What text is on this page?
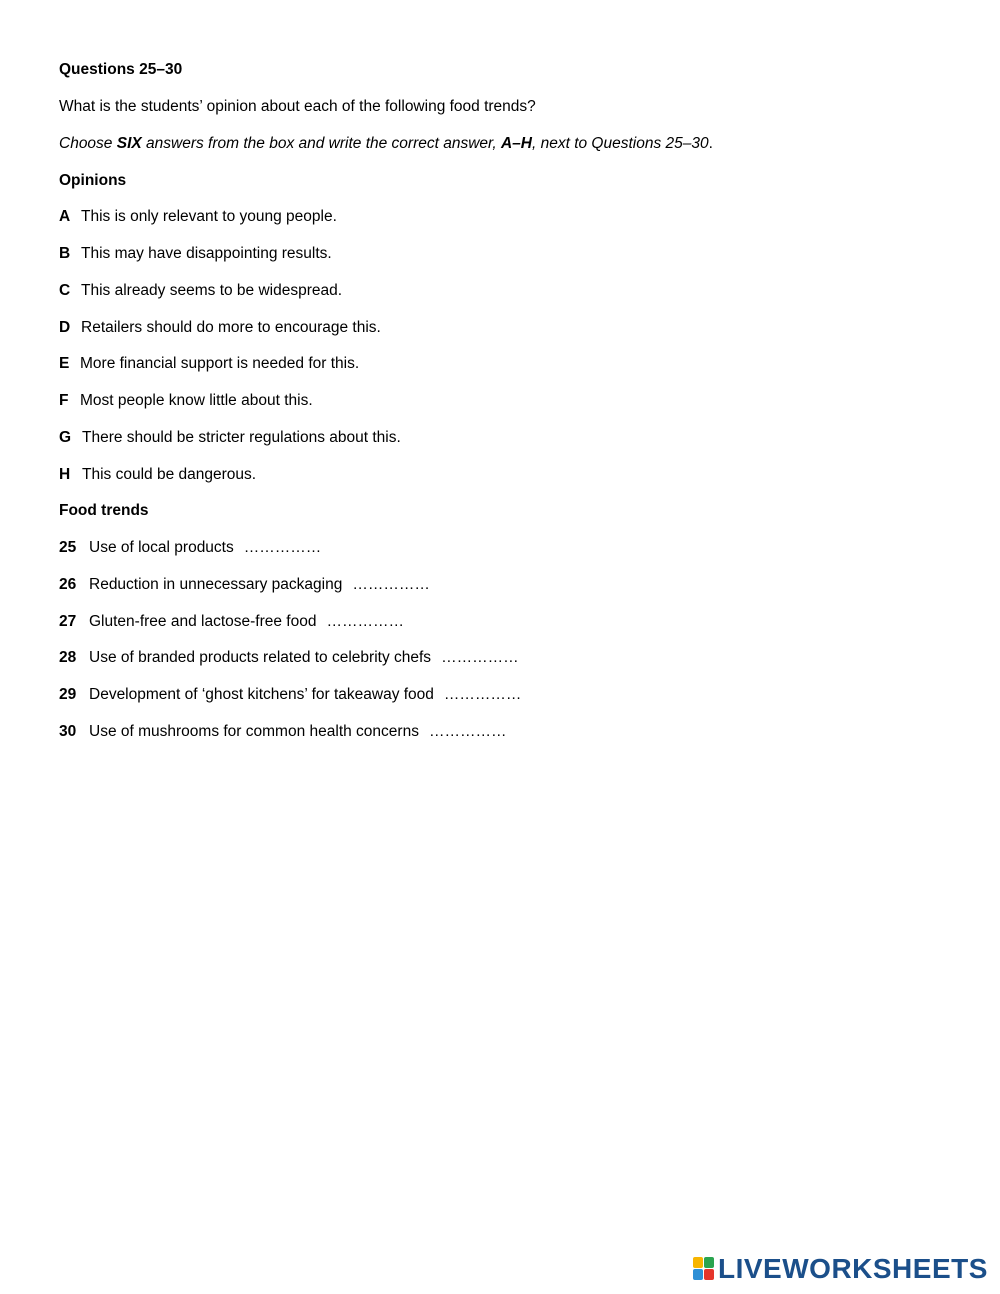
Questions 25–30
What is the students’ opinion about each of the following food trends?
Choose SIX answers from the box and write the correct answer, A–H, next to Questions 25–30.
Opinions
A This is only relevant to young people.
B This may have disappointing results.
C This already seems to be widespread.
D Retailers should do more to encourage this.
E More financial support is needed for this.
F Most people know little about this.
G There should be stricter regulations about this.
H This could be dangerous.
Food trends
25 Use of local products ……………
26 Reduction in unnecessary packaging ……………
27 Gluten-free and lactose-free food ……………
28 Use of branded products related to celebrity chefs ……………
29 Development of ‘ghost kitchens’ for takeaway food ……………
30 Use of mushrooms for common health concerns ……………
LIVEWORKSHEETS
